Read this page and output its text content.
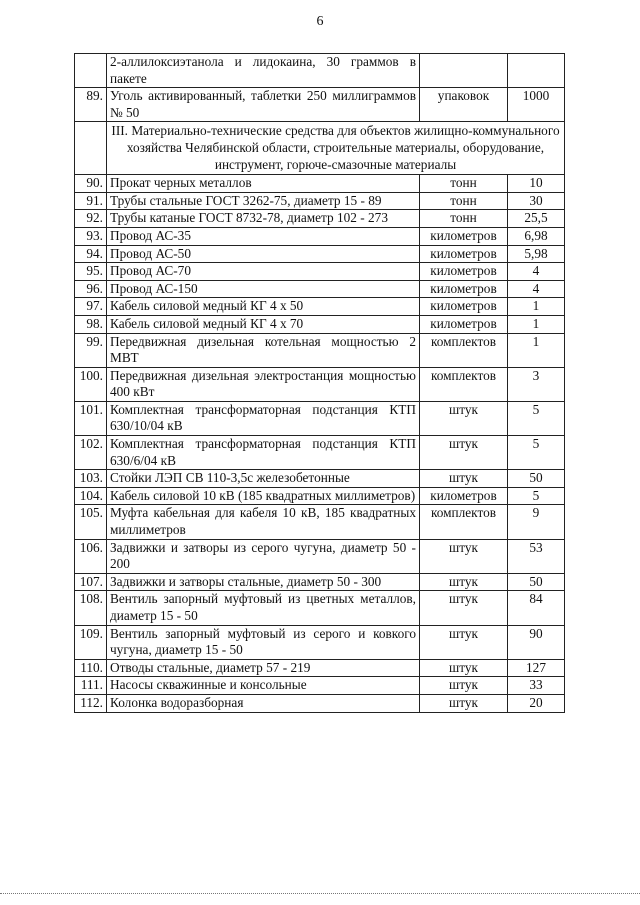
6
	2-аллилоксиэтанола и лидокаина, 30 граммов в пакете		
89.	Уголь активированный, таблетки 250 миллиграммов № 50	упаковок	1000
	III. Материально-технические средства для объектов жилищно-коммунального хозяйства Челябинской области, строительные материалы, оборудование, инструмент, горюче-смазочные материалы		
90.	Прокат черных металлов	тонн	10
91.	Трубы стальные ГОСТ 3262-75, диаметр 15 - 89	тонн	30
92.	Трубы катаные ГОСТ 8732-78, диаметр 102 - 273	тонн	25,5
93.	Провод АС-35	километров	6,98
94.	Провод АС-50	километров	5,98
95.	Провод АС-70	километров	4
96.	Провод АС-150	километров	4
97.	Кабель силовой медный КГ 4 х 50	километров	1
98.	Кабель силовой медный КГ 4 х 70	километров	1
99.	Передвижная дизельная котельная мощностью 2 МВТ	комплектов	1
100.	Передвижная дизельная электростанция мощностью 400 кВт	комплектов	3
101.	Комплектная трансформаторная подстанция КТП 630/10/04 кВ	штук	5
102.	Комплектная трансформаторная подстанция КТП 630/6/04 кВ	штук	5
103.	Стойки ЛЭП СВ 110-3,5с железобетонные	штук	50
104.	Кабель силовой 10 кВ (185 квадратных миллиметров)	километров	5
105.	Муфта кабельная для кабеля 10 кВ, 185 квадратных миллиметров	комплектов	9
106.	Задвижки и затворы из серого чугуна, диаметр 50 - 200	штук	53
107.	Задвижки и затворы стальные, диаметр 50 - 300	штук	50
108.	Вентиль запорный муфтовый из цветных металлов, диаметр 15 - 50	штук	84
109.	Вентиль запорный муфтовый из серого и ковкого чугуна, диаметр 15 - 50	штук	90
110.	Отводы стальные, диаметр 57 - 219	штук	127
111.	Насосы скважинные и консольные	штук	33
112.	Колонка водоразборная	штук	20
